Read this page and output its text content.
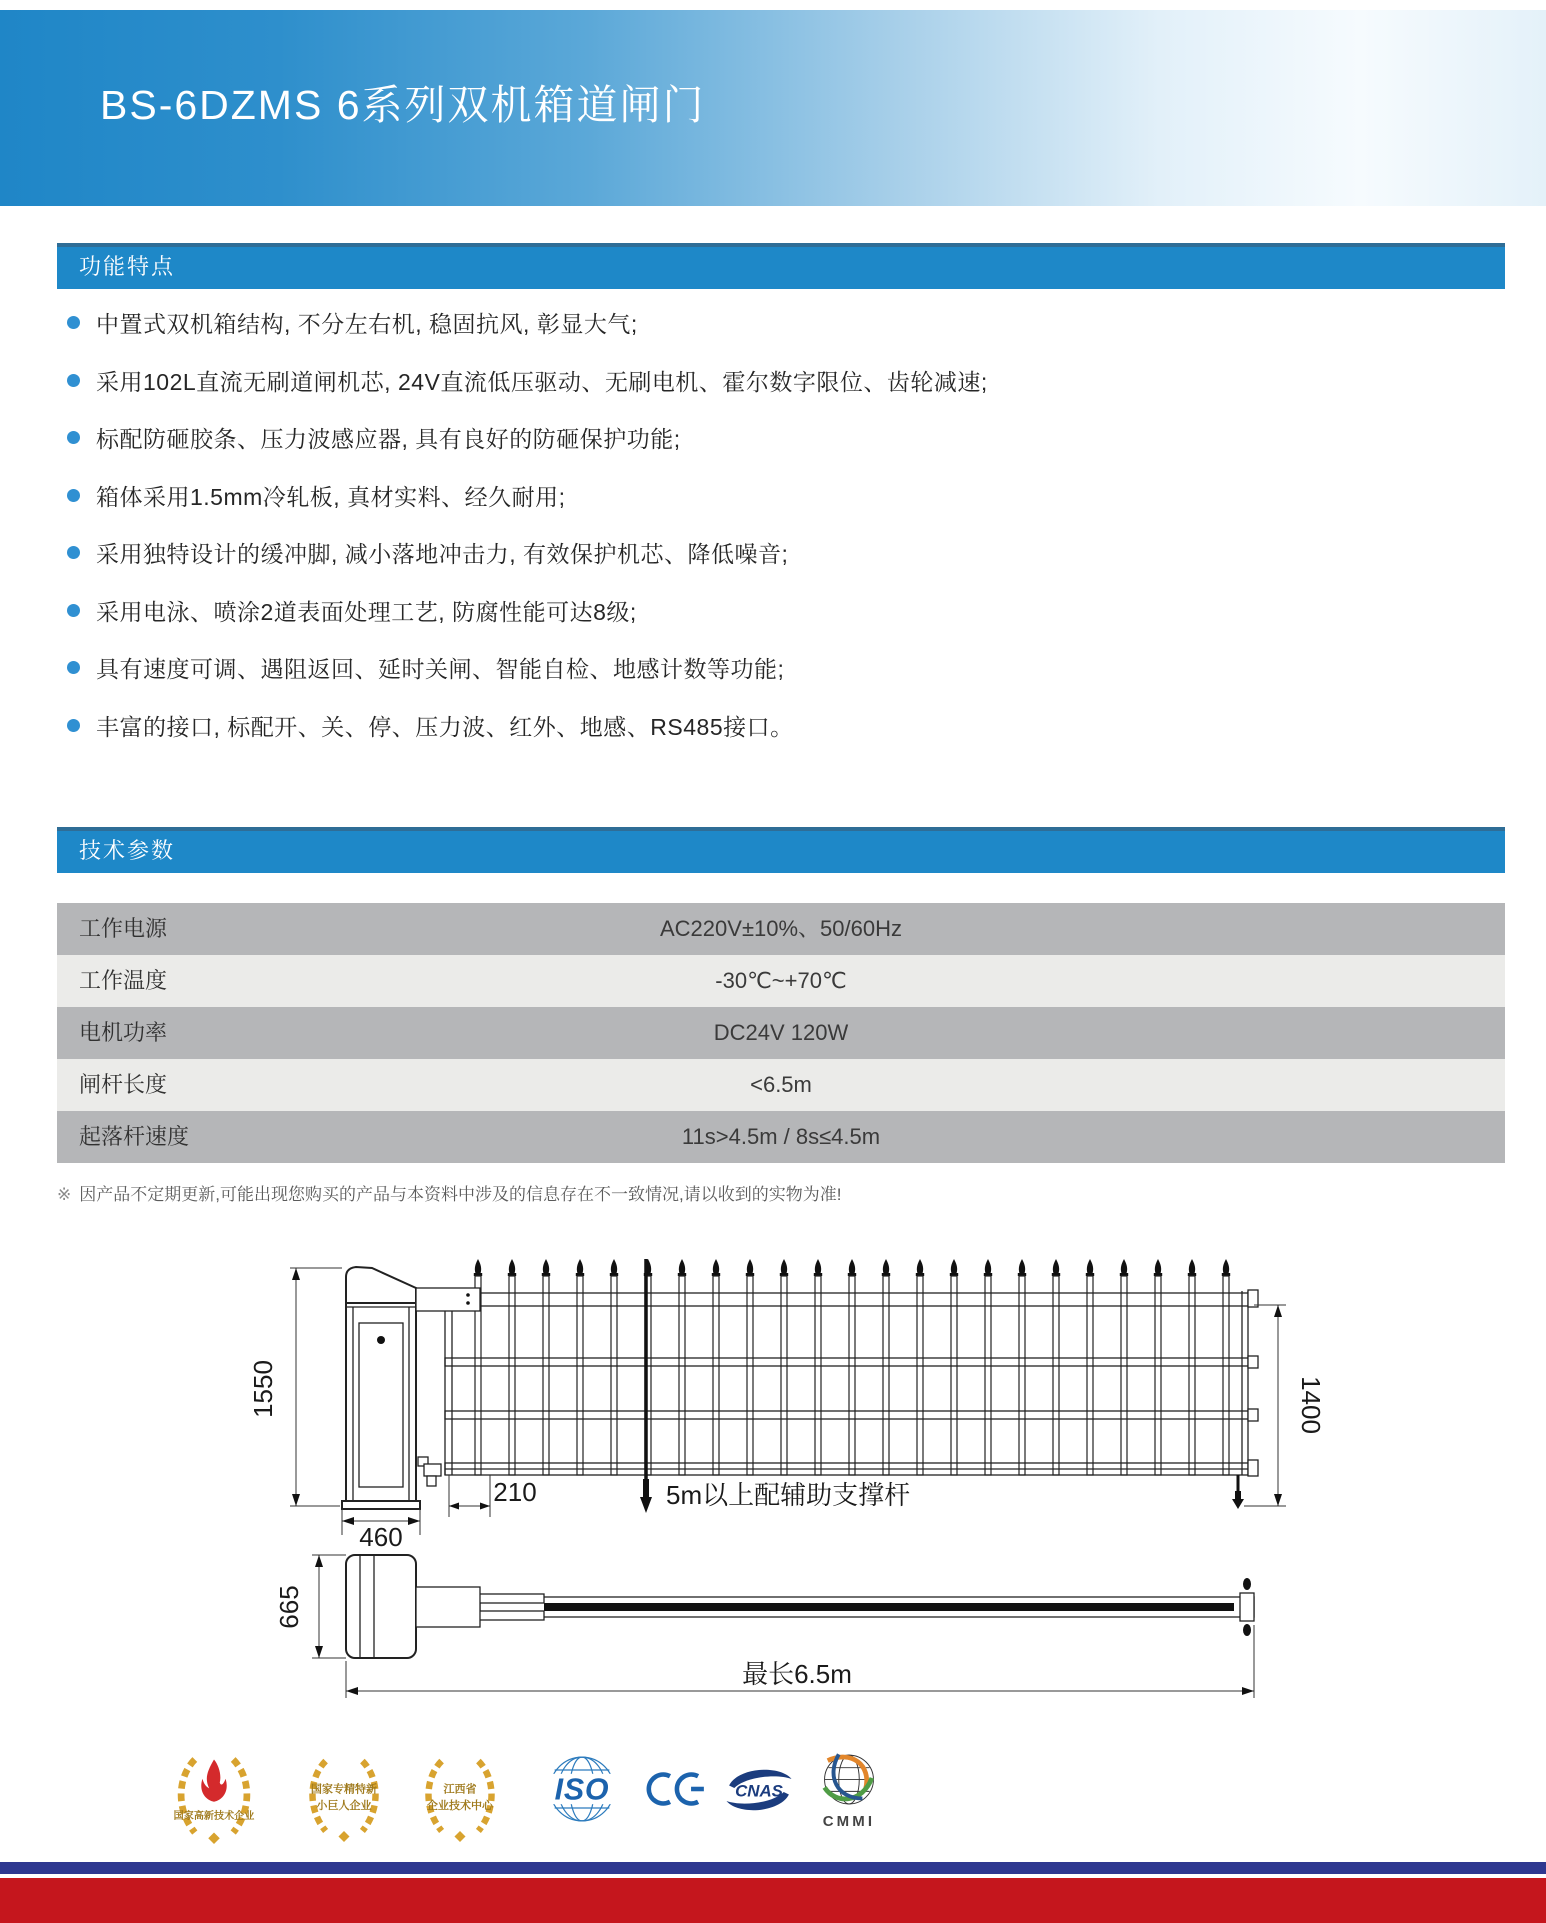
BS-6DZMS 6系列双机箱道闸门
功能特点
中置式双机箱结构, 不分左右机, 稳固抗风, 彰显大气;
采用102L直流无刷道闸机芯, 24V直流低压驱动、无刷电机、霍尔数字限位、齿轮减速;
标配防砸胶条、压力波感应器, 具有良好的防砸保护功能;
箱体采用1.5mm冷轧板, 真材实料、经久耐用;
采用独特设计的缓冲脚, 减小落地冲击力, 有效保护机芯、降低噪音;
采用电泳、喷涂2道表面处理工艺, 防腐性能可达8级;
具有速度可调、遇阻返回、延时关闸、智能自检、地感计数等功能;
丰富的接口, 标配开、关、停、压力波、红外、地感、RS485接口。
技术参数
AC220V±10%、50/60Hz
工作电源
-30℃~+70℃
工作温度
DC24V 120W
电机功率
<6.5m
闸杆长度
11s>4.5m / 8s≤4.5m
起落杆速度
※ 因产品不定期更新,可能出现您购买的产品与本资料中涉及的信息存在不一致情况,请以收到的实物为准!
1550
5m以上配辅助支撑杆
460
210
1400
665
最长6.5m
国家高新技术企业
国家专精特新
小巨人企业
江西省
企业技术中心 ISO	CNAS
CMMI
